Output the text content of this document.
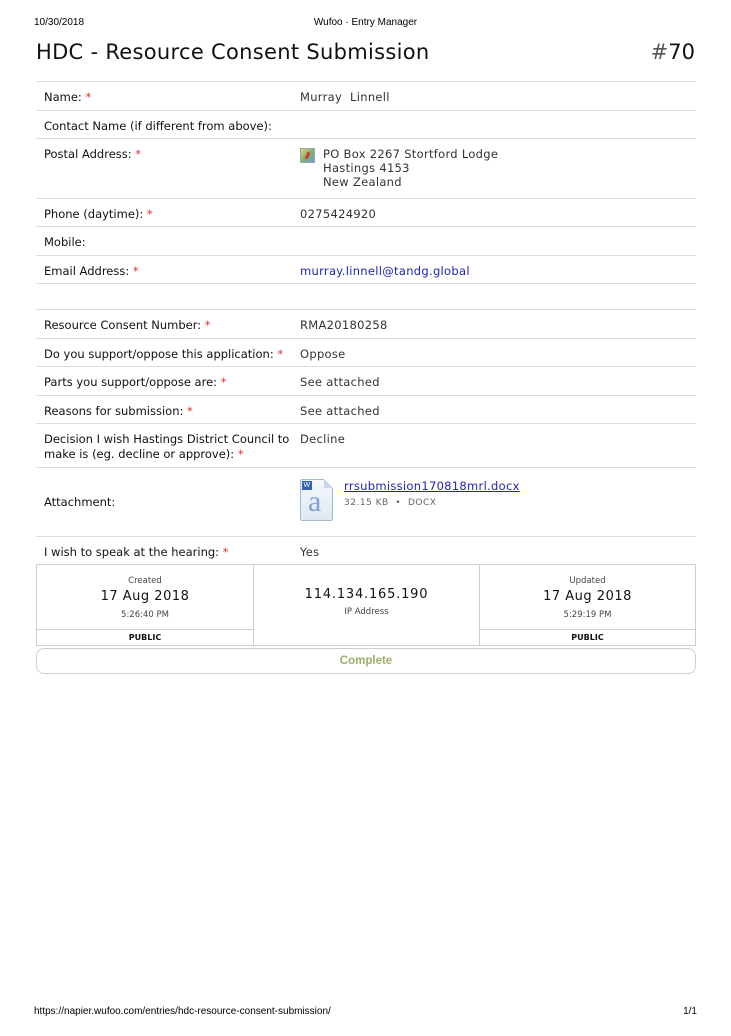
10/30/2018	Wufoo · Entry Manager
HDC - Resource Consent Submission	#70
Name: *	Murray  Linnell
Contact Name (if different from above):
Postal Address: *	PO Box 2267 Stortford Lodge
Hastings 4153
New Zealand
Phone (daytime): *	0275424920
Mobile:
Email Address: *	murray.linnell@tandg.global
Resource Consent Number: *	RMA20180258
Do you support/oppose this application: *	Oppose
Parts you support/oppose are: *	See attached
Reasons for submission: *	See attached
Decision I wish Hastings District Council to make is (eg. decline or approve): *
Decline
Attachment:
W
a rrsubmission170818mrl.docx
32.15 KB  •  DOCX
I wish to speak at the hearing: *	Yes
Created
17 Aug 2018
5:26:40 PM
PUBLIC
114.134.165.190
IP Address
Updated
17 Aug 2018
5:29:19 PM
PUBLIC
Complete
https://napier.wufoo.com/entries/hdc-resource-consent-submission/	1/1
